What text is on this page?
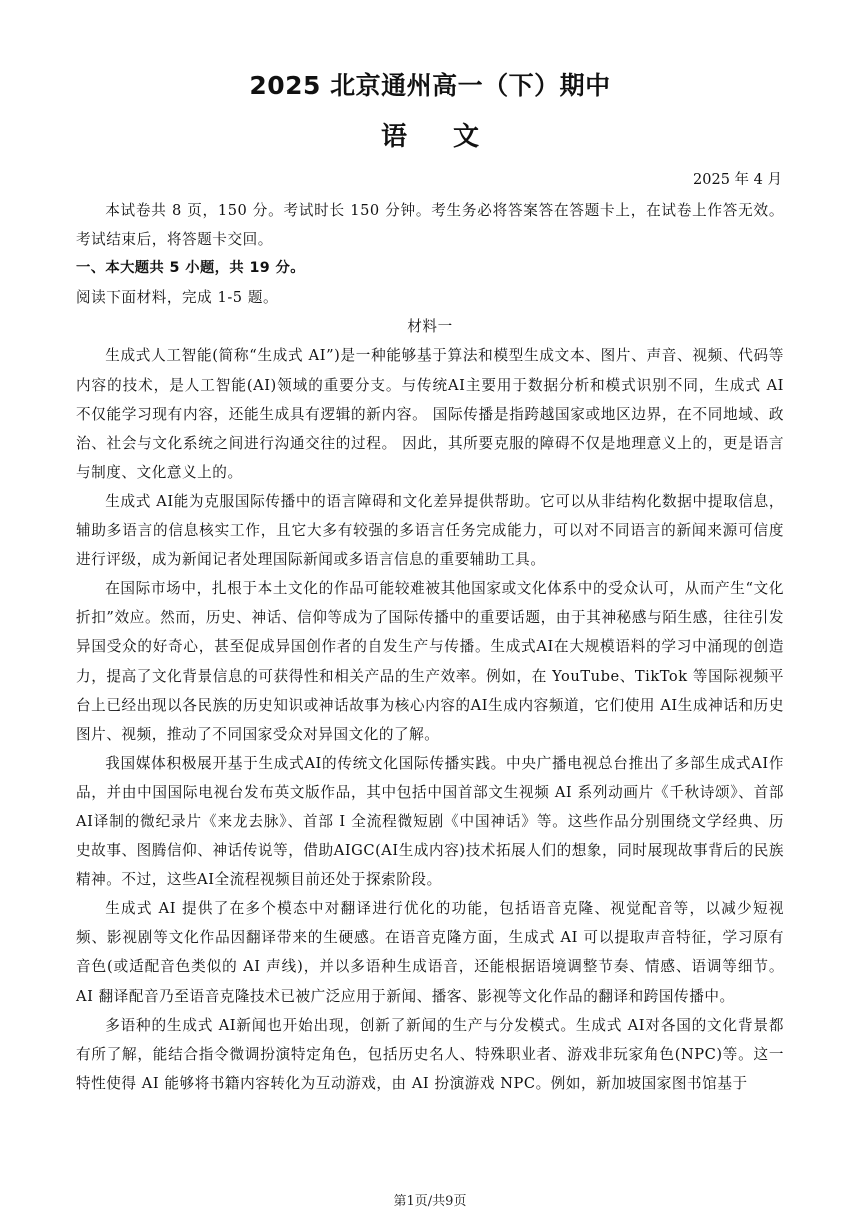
2025 北京通州高一（下）期中
语文
2025 年 4 月

本试卷共 8 页，150 分。考试时长 150 分钟。考生务必将答案答在答题卡上，在试卷上作答无效。考试结束后，将答题卡交回。

一、本大题共 5 小题，共 19 分。

阅读下面材料，完成 1-5 题。

材料一

生成式人工智能(简称“生成式 AI”)是一种能够基于算法和模型生成文本、图片、声音、视频、代码等内容的技术，是人工智能(AI)领域的重要分支。与传统AI主要用于数据分析和模式识别不同，生成式 AI 不仅能学习现有内容，还能生成具有逻辑的新内容。 国际传播是指跨越国家或地区边界，在不同地域、政治、社会与文化系统之间进行沟通交往的过程。 因此，其所要克服的障碍不仅是地理意义上的，更是语言与制度、文化意义上的。

生成式 AI能为克服国际传播中的语言障碍和文化差异提供帮助。它可以从非结构化数据中提取信息，辅助多语言的信息核实工作，且它大多有较强的多语言任务完成能力，可以对不同语言的新闻来源可信度进行评级，成为新闻记者处理国际新闻或多语言信息的重要辅助工具。

在国际市场中，扎根于本土文化的作品可能较难被其他国家或文化体系中的受众认可，从而产生“文化折扣”效应。然而，历史、神话、信仰等成为了国际传播中的重要话题，由于其神秘感与陌生感，往往引发异国受众的好奇心，甚至促成异国创作者的自发生产与传播。生成式AI在大规模语料的学习中涌现的创造力，提高了文化背景信息的可获得性和相关产品的生产效率。例如，在 YouTube、TikTok 等国际视频平台上已经出现以各民族的历史知识或神话故事为核心内容的AI生成内容频道，它们使用 AI生成神话和历史图片、视频，推动了不同国家受众对异国文化的了解。

我国媒体积极展开基于生成式AI的传统文化国际传播实践。中央广播电视总台推出了多部生成式AI作品，并由中国国际电视台发布英文版作品，其中包括中国首部文生视频 AI 系列动画片《千秋诗颂》、首部 AI译制的微纪录片《来龙去脉》、首部 I 全流程微短剧《中国神话》等。这些作品分别围绕文学经典、历史故事、图腾信仰、神话传说等，借助AIGC(AI生成内容)技术拓展人们的想象，同时展现故事背后的民族精神。不过，这些AI全流程视频目前还处于探索阶段。

生成式 AI 提供了在多个模态中对翻译进行优化的功能，包括语音克隆、视觉配音等，以减少短视频、影视剧等文化作品因翻译带来的生硬感。在语音克隆方面，生成式 AI 可以提取声音特征，学习原有音色(或适配音色类似的 AI 声线)，并以多语种生成语音，还能根据语境调整节奏、情感、语调等细节。AI 翻译配音乃至语音克隆技术已被广泛应用于新闻、播客、影视等文化作品的翻译和跨国传播中。

多语种的生成式 AI新闻也开始出现，创新了新闻的生产与分发模式。生成式 AI对各国的文化背景都有所了解，能结合指令微调扮演特定角色，包括历史名人、特殊职业者、游戏非玩家角色(NPC)等。这一特性使得 AI 能够将书籍内容转化为互动游戏，由 AI 扮演游戏 NPC。例如，新加坡国家图书馆基于

第1页/共9页
